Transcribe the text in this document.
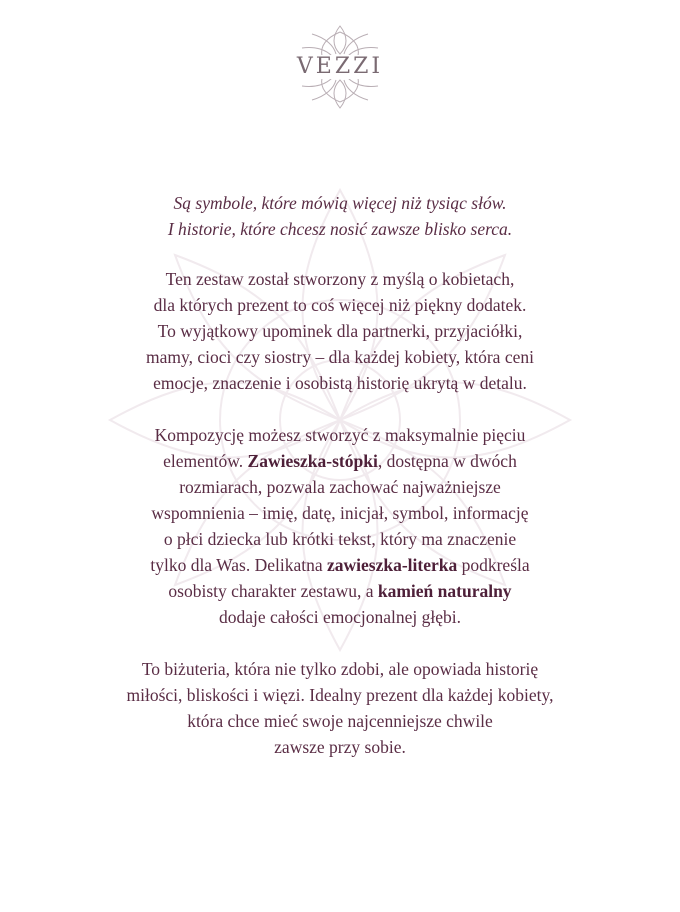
VEZZI
Są symbole, które mówią więcej niż tysiąc słów.
I historie, które chcesz nosić zawsze blisko serca.
Ten zestaw został stworzony z myślą o kobietach,
dla których prezent to coś więcej niż piękny dodatek.
To wyjątkowy upominek dla partnerki, przyjaciółki,
mamy, cioci czy siostry – dla każdej kobiety, która ceni
emocje, znaczenie i osobistą historię ukrytą w detalu.
Kompozycję możesz stworzyć z maksymalnie pięciu
elementów. Zawieszka-stópki, dostępna w dwóch
rozmiarach, pozwala zachować najważniejsze
wspomnienia – imię, datę, inicjał, symbol, informację
o płci dziecka lub krótki tekst, który ma znaczenie
tylko dla Was. Delikatna zawieszka-literka podkreśla
osobisty charakter zestawu, a kamień naturalny
dodaje całości emocjonalnej głębi.
To biżuteria, która nie tylko zdobi, ale opowiada historię
miłości, bliskości i więzi. Idealny prezent dla każdej kobiety,
która chce mieć swoje najcenniejsze chwile
zawsze przy sobie.
